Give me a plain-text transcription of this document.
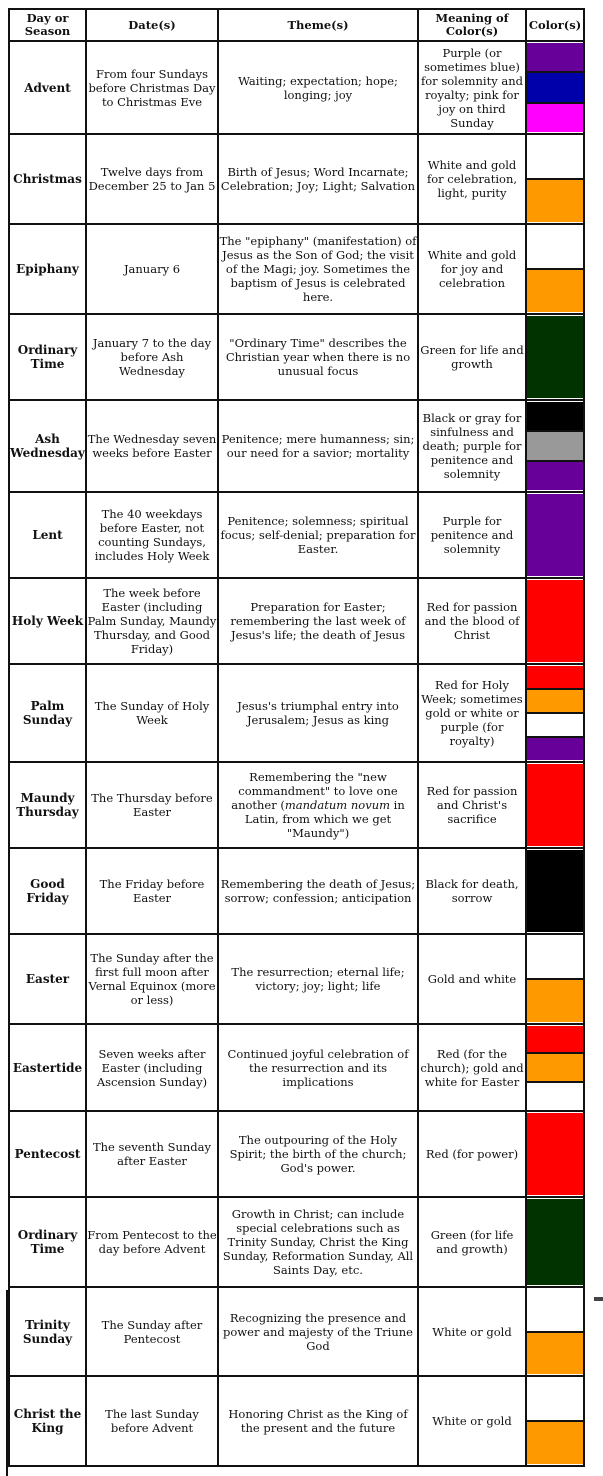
Day or Season	Date(s)	Theme(s)	Meaning of Color(s)	Color(s)
Advent	From four Sundays before Christmas Day to Christmas Eve	Waiting; expectation; hope; longing; joy	Purple (or sometimes blue) for solemnity and royalty; pink for joy on third Sunday	

Christmas	Twelve days from December 25 to Jan 5	Birth of Jesus; Word Incarnate; Celebration; Joy; Light; Salvation	White and gold for celebration, light, purity	

Epiphany	January 6	The "epiphany" (manifestation) of Jesus as the Son of God; the visit of the Magi; joy. Sometimes the baptism of Jesus is celebrated here.	White and gold for joy and celebration	

Ordinary Time	January 7 to the day before Ash Wednesday	"Ordinary Time" describes the Christian year when there is no unusual focus	Green for life and growth	

Ash Wednesday	The Wednesday seven weeks before Easter	Penitence; mere humanness; sin; our need for a savior; mortality	Black or gray for sinfulness and death; purple for penitence and solemnity	

Lent	The 40 weekdays before Easter, not counting Sundays, includes Holy Week	Penitence; solemness; spiritual focus; self-denial; preparation for Easter.	Purple for penitence and solemnity	

Holy Week	The week before Easter (including Palm Sunday, Maundy Thursday, and Good Friday)	Preparation for Easter; remembering the last week of Jesus's life; the death of Jesus	Red for passion and the blood of Christ	

Palm Sunday	The Sunday of Holy Week	Jesus's triumphal entry into Jerusalem; Jesus as king	Red for Holy Week; sometimes gold or white or purple (for royalty)	

Maundy Thursday	The Thursday before Easter	Remembering the "new commandment" to love one another (mandatum novum in Latin, from which we get "Maundy")	Red for passion and Christ's sacrifice	

Good Friday	The Friday before Easter	Remembering the death of Jesus; sorrow; confession; anticipation	Black for death, sorrow	

Easter	The Sunday after the first full moon after Vernal Equinox (more or less)	The resurrection; eternal life; victory; joy; light; life	Gold and white	

Eastertide	Seven weeks after Easter (including Ascension Sunday)	Continued joyful celebration of the resurrection and its implications	Red (for the church); gold and white for Easter	

Pentecost	The seventh Sunday after Easter	The outpouring of the Holy Spirit; the birth of the church; God's power.	Red (for power)	

Ordinary Time	From Pentecost to the day before Advent	Growth in Christ; can include special celebrations such as Trinity Sunday, Christ the King Sunday, Reformation Sunday, All Saints Day, etc.	Green (for life and growth)	

Trinity Sunday	The Sunday after Pentecost	Recognizing the presence and power and majesty of the Triune God	White or gold	

Christ the King	The last Sunday before Advent	Honoring Christ as the King of the present and the future	White or gold	
